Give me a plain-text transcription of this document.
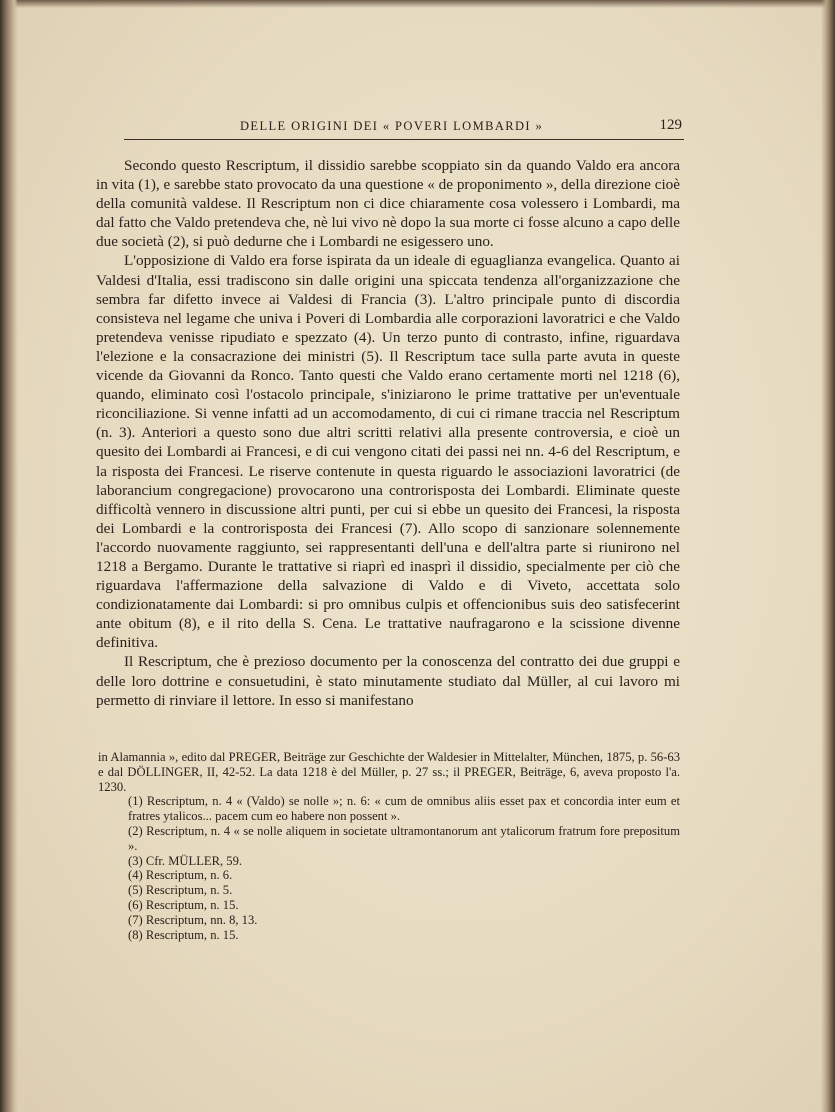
DELLE ORIGINI DEI « POVERI LOMBARDI »	129

Secondo questo Rescriptum, il dissidio sarebbe scoppiato sin da quando Valdo era ancora in vita (1), e sarebbe stato provocato da una questione « de proponimento », della direzione cioè della comunità valdese. Il Rescriptum non ci dice chiaramente cosa volessero i Lombardi, ma dal fatto che Valdo pretendeva che, nè lui vivo nè dopo la sua morte ci fosse alcuno a capo delle due società (2), si può dedurne che i Lombardi ne esigessero uno.

L'opposizione di Valdo era forse ispirata da un ideale di eguaglianza evangelica. Quanto ai Valdesi d'Italia, essi tradiscono sin dalle origini una spiccata tendenza all'organizzazione che sembra far difetto invece ai Valdesi di Francia (3). L'altro principale punto di discordia consisteva nel legame che univa i Poveri di Lombardia alle corporazioni lavoratrici e che Valdo pretendeva venisse ripudiato e spezzato (4). Un terzo punto di contrasto, infine, riguardava l'elezione e la consacrazione dei ministri (5). Il Rescriptum tace sulla parte avuta in queste vicende da Giovanni da Ronco. Tanto questi che Valdo erano certamente morti nel 1218 (6), quando, eliminato così l'ostacolo principale, s'iniziarono le prime trattative per un'eventuale riconciliazione. Si venne infatti ad un accomodamento, di cui ci rimane traccia nel Rescriptum (n. 3). Anteriori a questo sono due altri scritti relativi alla presente controversia, e cioè un quesito dei Lombardi ai Francesi, e di cui vengono citati dei passi nei nn. 4-6 del Rescriptum, e la risposta dei Francesi. Le riserve contenute in questa riguardo le associazioni lavoratrici (de laborancium congregacione) provocarono una controrisposta dei Lombardi. Eliminate queste difficoltà vennero in discussione altri punti, per cui si ebbe un quesito dei Francesi, la risposta dei Lombardi e la controrisposta dei Francesi (7). Allo scopo di sanzionare solennemente l'accordo nuovamente raggiunto, sei rappresentanti dell'una e dell'altra parte si riunirono nel 1218 a Bergamo. Durante le trattative si riaprì ed inasprì il dissidio, specialmente per ciò che riguardava l'affermazione della salvazione di Valdo e di Viveto, accettata solo condizionatamente dai Lombardi: si pro omnibus culpis et offencionibus suis deo satisfecerint ante obitum (8), e il rito della S. Cena. Le trattative naufragarono e la scissione divenne definitiva.

Il Rescriptum, che è prezioso documento per la conoscenza del contratto dei due gruppi e delle loro dottrine e consuetudini, è stato minutamente studiato dal Müller, al cui lavoro mi permetto di rinviare il lettore. In esso si manifestano

in Alamannia », edito dal PREGER, Beiträge zur Geschichte der Waldesier in Mittelalter, München, 1875, p. 56-63 e dal DÖLLINGER, II, 42-52. La data 1218 è del Müller, p. 27 ss.; il PREGER, Beiträge, 6, aveva proposto l'a. 1230.

(1) Rescriptum, n. 4 « (Valdo) se nolle »; n. 6: « cum de omnibus aliis esset pax et concordia inter eum et fratres ytalicos... pacem cum eo habere non possent ».
(2) Rescriptum, n. 4 « se nolle aliquem in societate ultramontanorum ant ytalicorum fratrum fore prepositum ».
(3) Cfr. MÜLLER, 59.
(4) Rescriptum, n. 6.
(5) Rescriptum, n. 5.
(6) Rescriptum, n. 15.
(7) Rescriptum, nn. 8, 13.
(8) Rescriptum, n. 15.
